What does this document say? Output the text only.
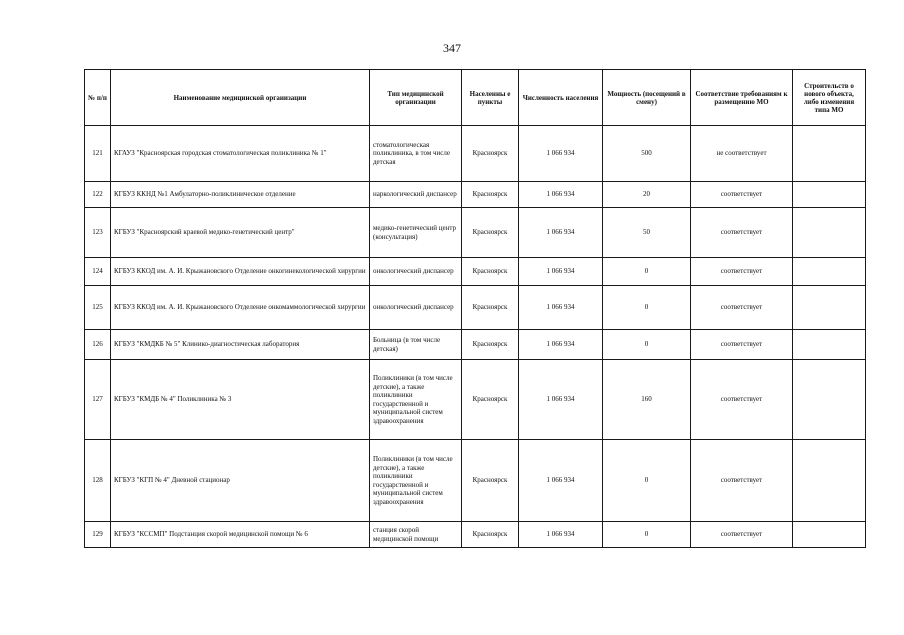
347
№ п/п	Наименование медицинской организации	Тип медицинской организации	Населенны е пункты	Численность населения	Мощность (посещений в смену)	Соответствие требованиям к размещению МО	Строительств о нового объекта, либо изменения типа МО
121	КГАУЗ "Красноярская городская стоматологическая поликлиника № 1"	стоматологическая поликлиника, в том числе детская	Красноярск	1 066 934	500	не соответствует	
122	КГБУЗ ККНД №1 Амбулаторно-поликлиническое отделение	наркологический диспансер	Красноярск	1 066 934	20	соответствует	
123	КГБУЗ "Красноярский краевой медико-генетический центр"	медико-генетический центр (консультация)	Красноярск	1 066 934	50	соответствует	
124	КГБУЗ ККОД им. А. И. Крыжановского Отделение онкогинекологической хирургии	онкологический диспансер	Красноярск	1 066 934	0	соответствует	
125	КГБУЗ ККОД им. А. И. Крыжановского Отделение онкомаммологической хирургии	онкологический диспансер	Красноярск	1 066 934	0	соответствует	
126	КГБУЗ "КМДКБ № 5" Клинико-диагностическая лаборатория	Больница (в том числе детская)	Красноярск	1 066 934	0	соответствует	
127	КГБУЗ "КМДБ № 4" Поликлиника № 3	Поликлиники (в том числе детские), а также поликлиники государственной и муниципальной систем здравоохранения	Красноярск	1 066 934	160	соответствует	
128	КГБУЗ "КГП № 4" Дневной стационар	Поликлиники (в том числе детские), а также поликлиники государственной и муниципальной систем здравоохранения	Красноярск	1 066 934	0	соответствует	
129	КГБУЗ "КССМП" Подстанция скорой медицинской помощи № 6	станция скорой медицинской помощи	Красноярск	1 066 934	0	соответствует	
